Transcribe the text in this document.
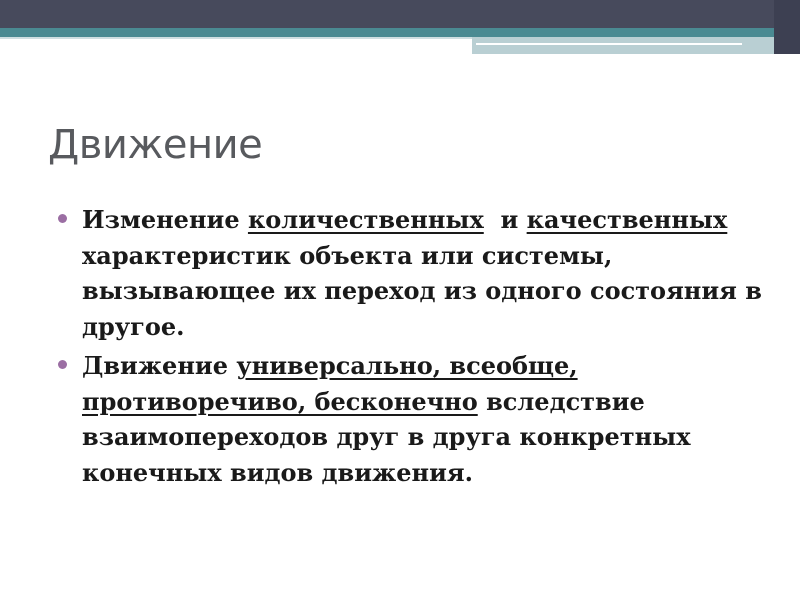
Движение
Изменение количественных  и качественных характеристик объекта или системы, вызывающее их переход из одного состояния в другое.
Движение универсально, всеобще, противоречиво, бесконечно вследствие взаимопереходов друг в друга конкретных конечных видов движения.
